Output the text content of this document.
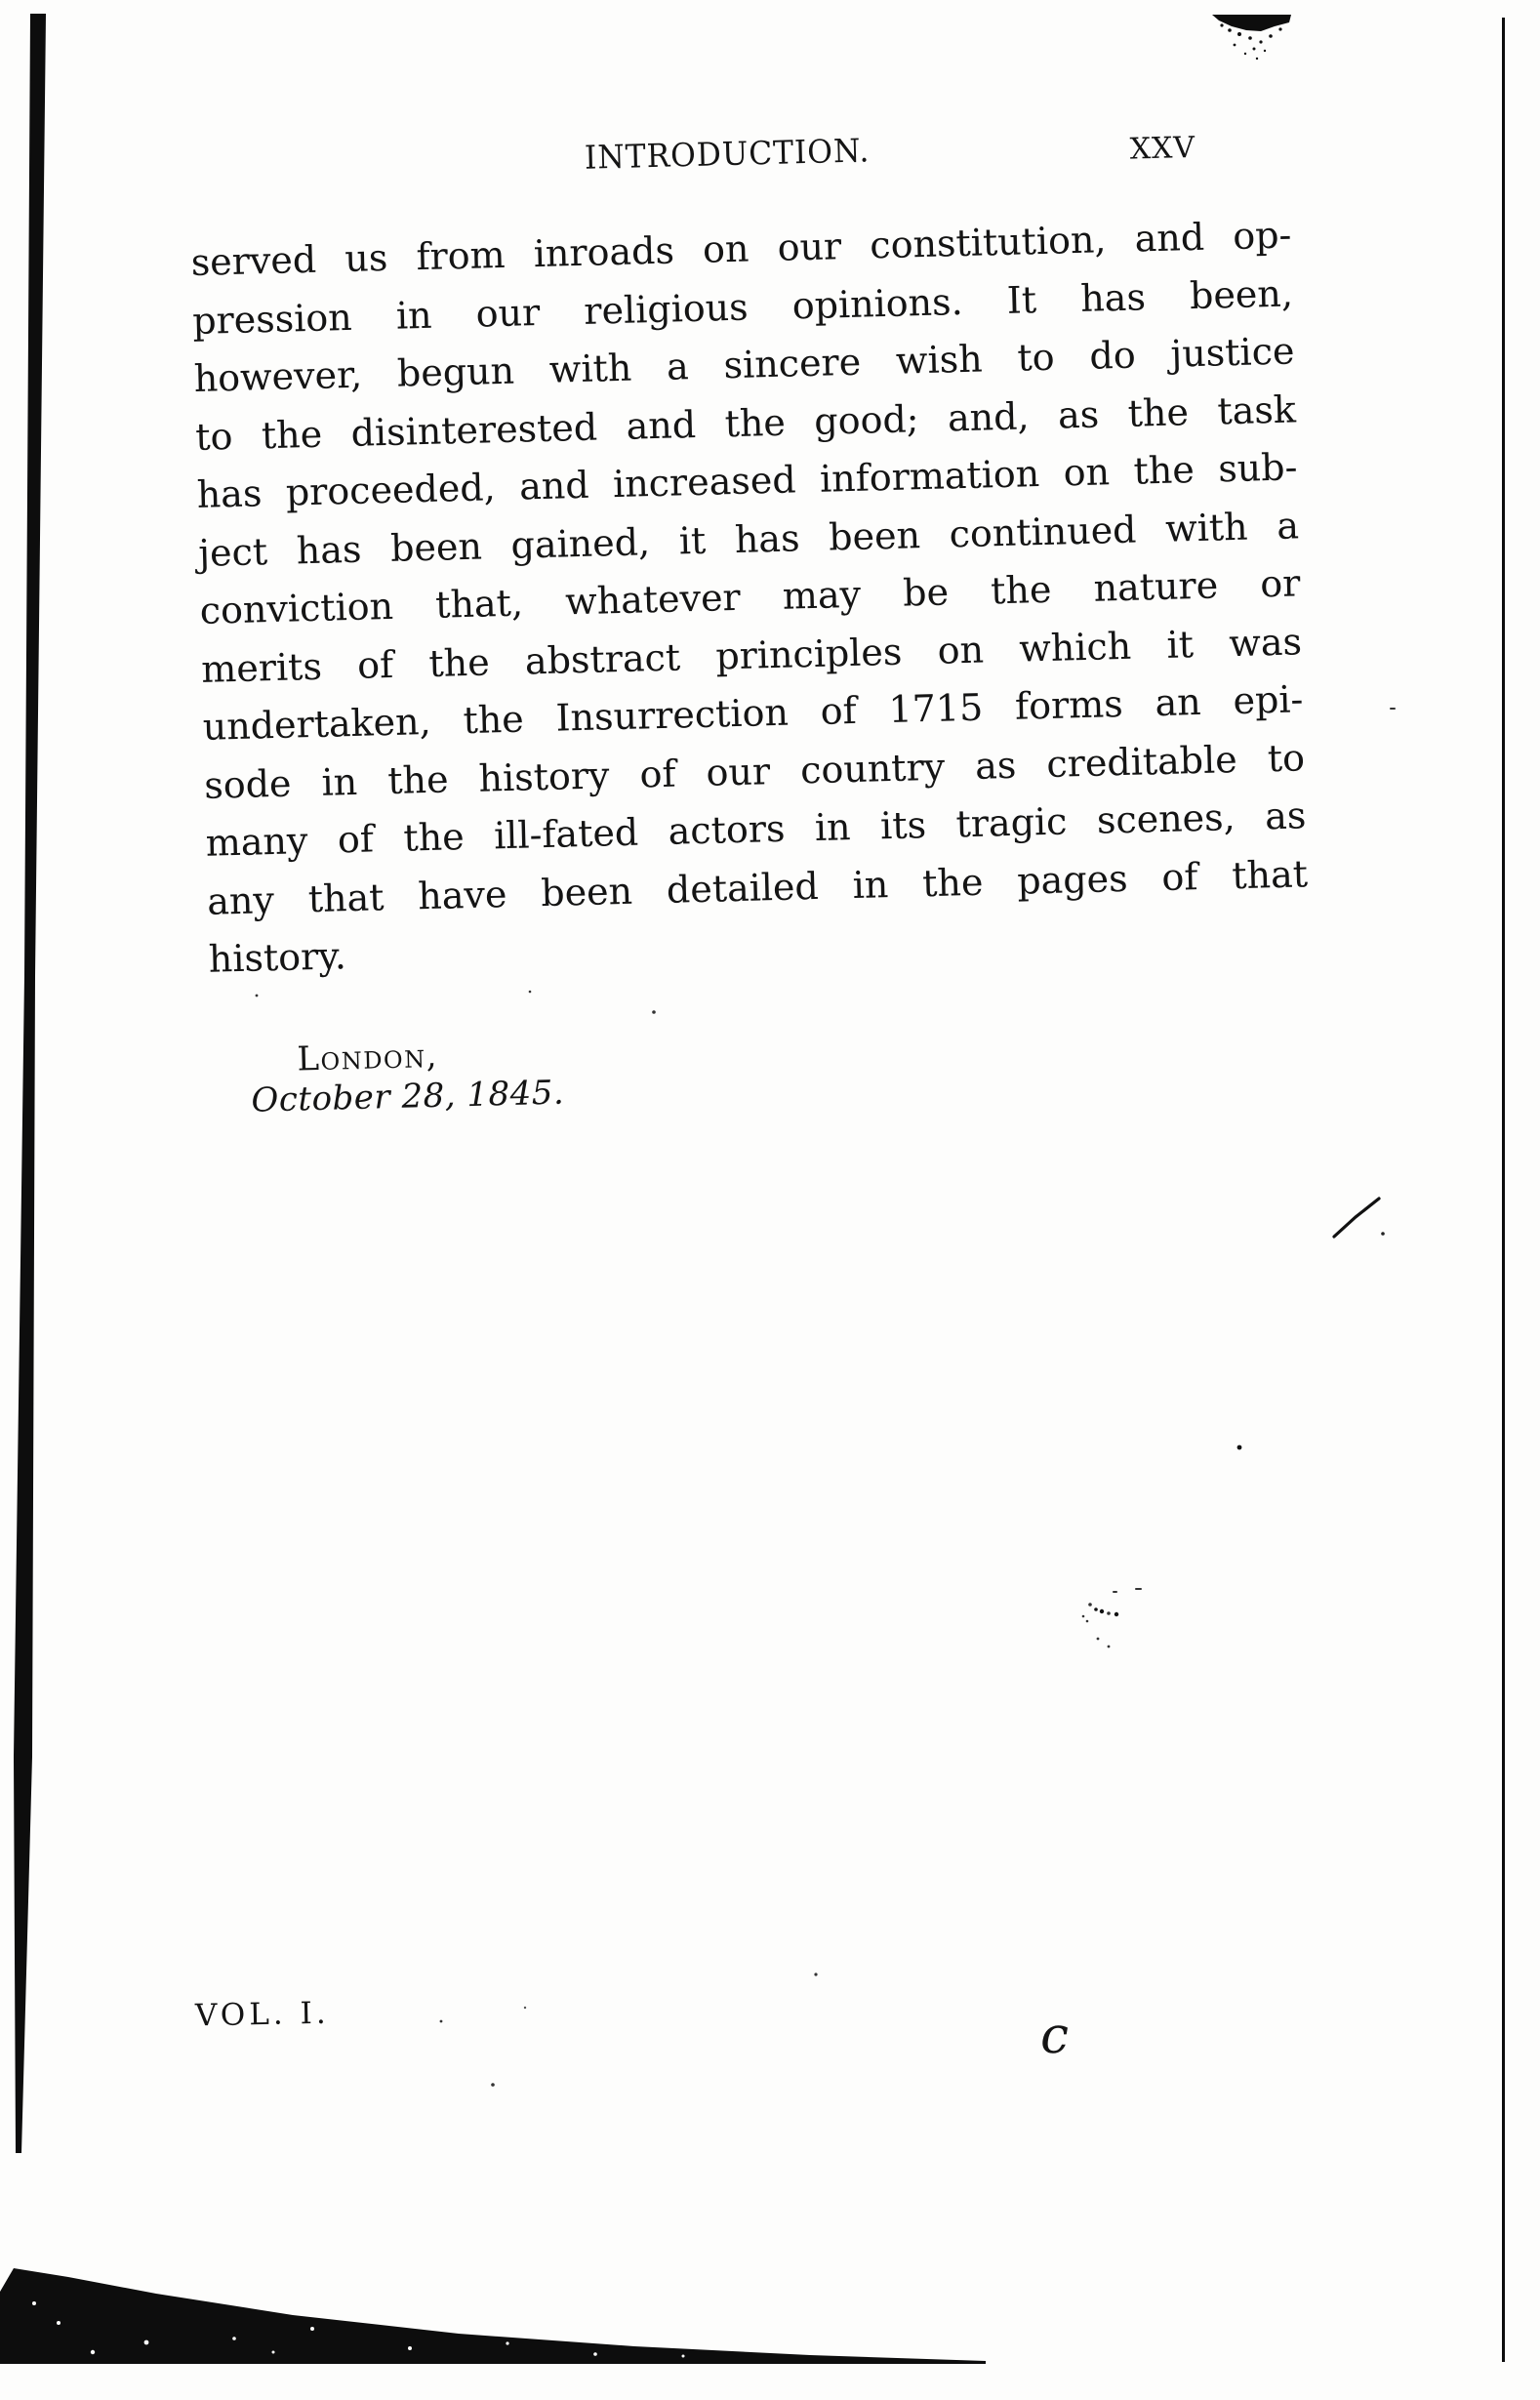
INTRODUCTION.	XXV
served us from inroads on our constitution, and op-
pression in our religious opinions. It has been,
however, begun with a sincere wish to do justice
to the disinterested and the good; and, as the task
has proceeded, and increased information on the sub-
ject has been gained, it has been continued with a
conviction that, whatever may be the nature or
merits of the abstract principles on which it was
undertaken, the Insurrection of 1715 forms an epi-
sode in the history of our country as creditable to
many of the ill-fated actors in its tragic scenes, as
any that have been detailed in the pages of that
history.
London,
October 28, 1845.
VOL. I.	c
